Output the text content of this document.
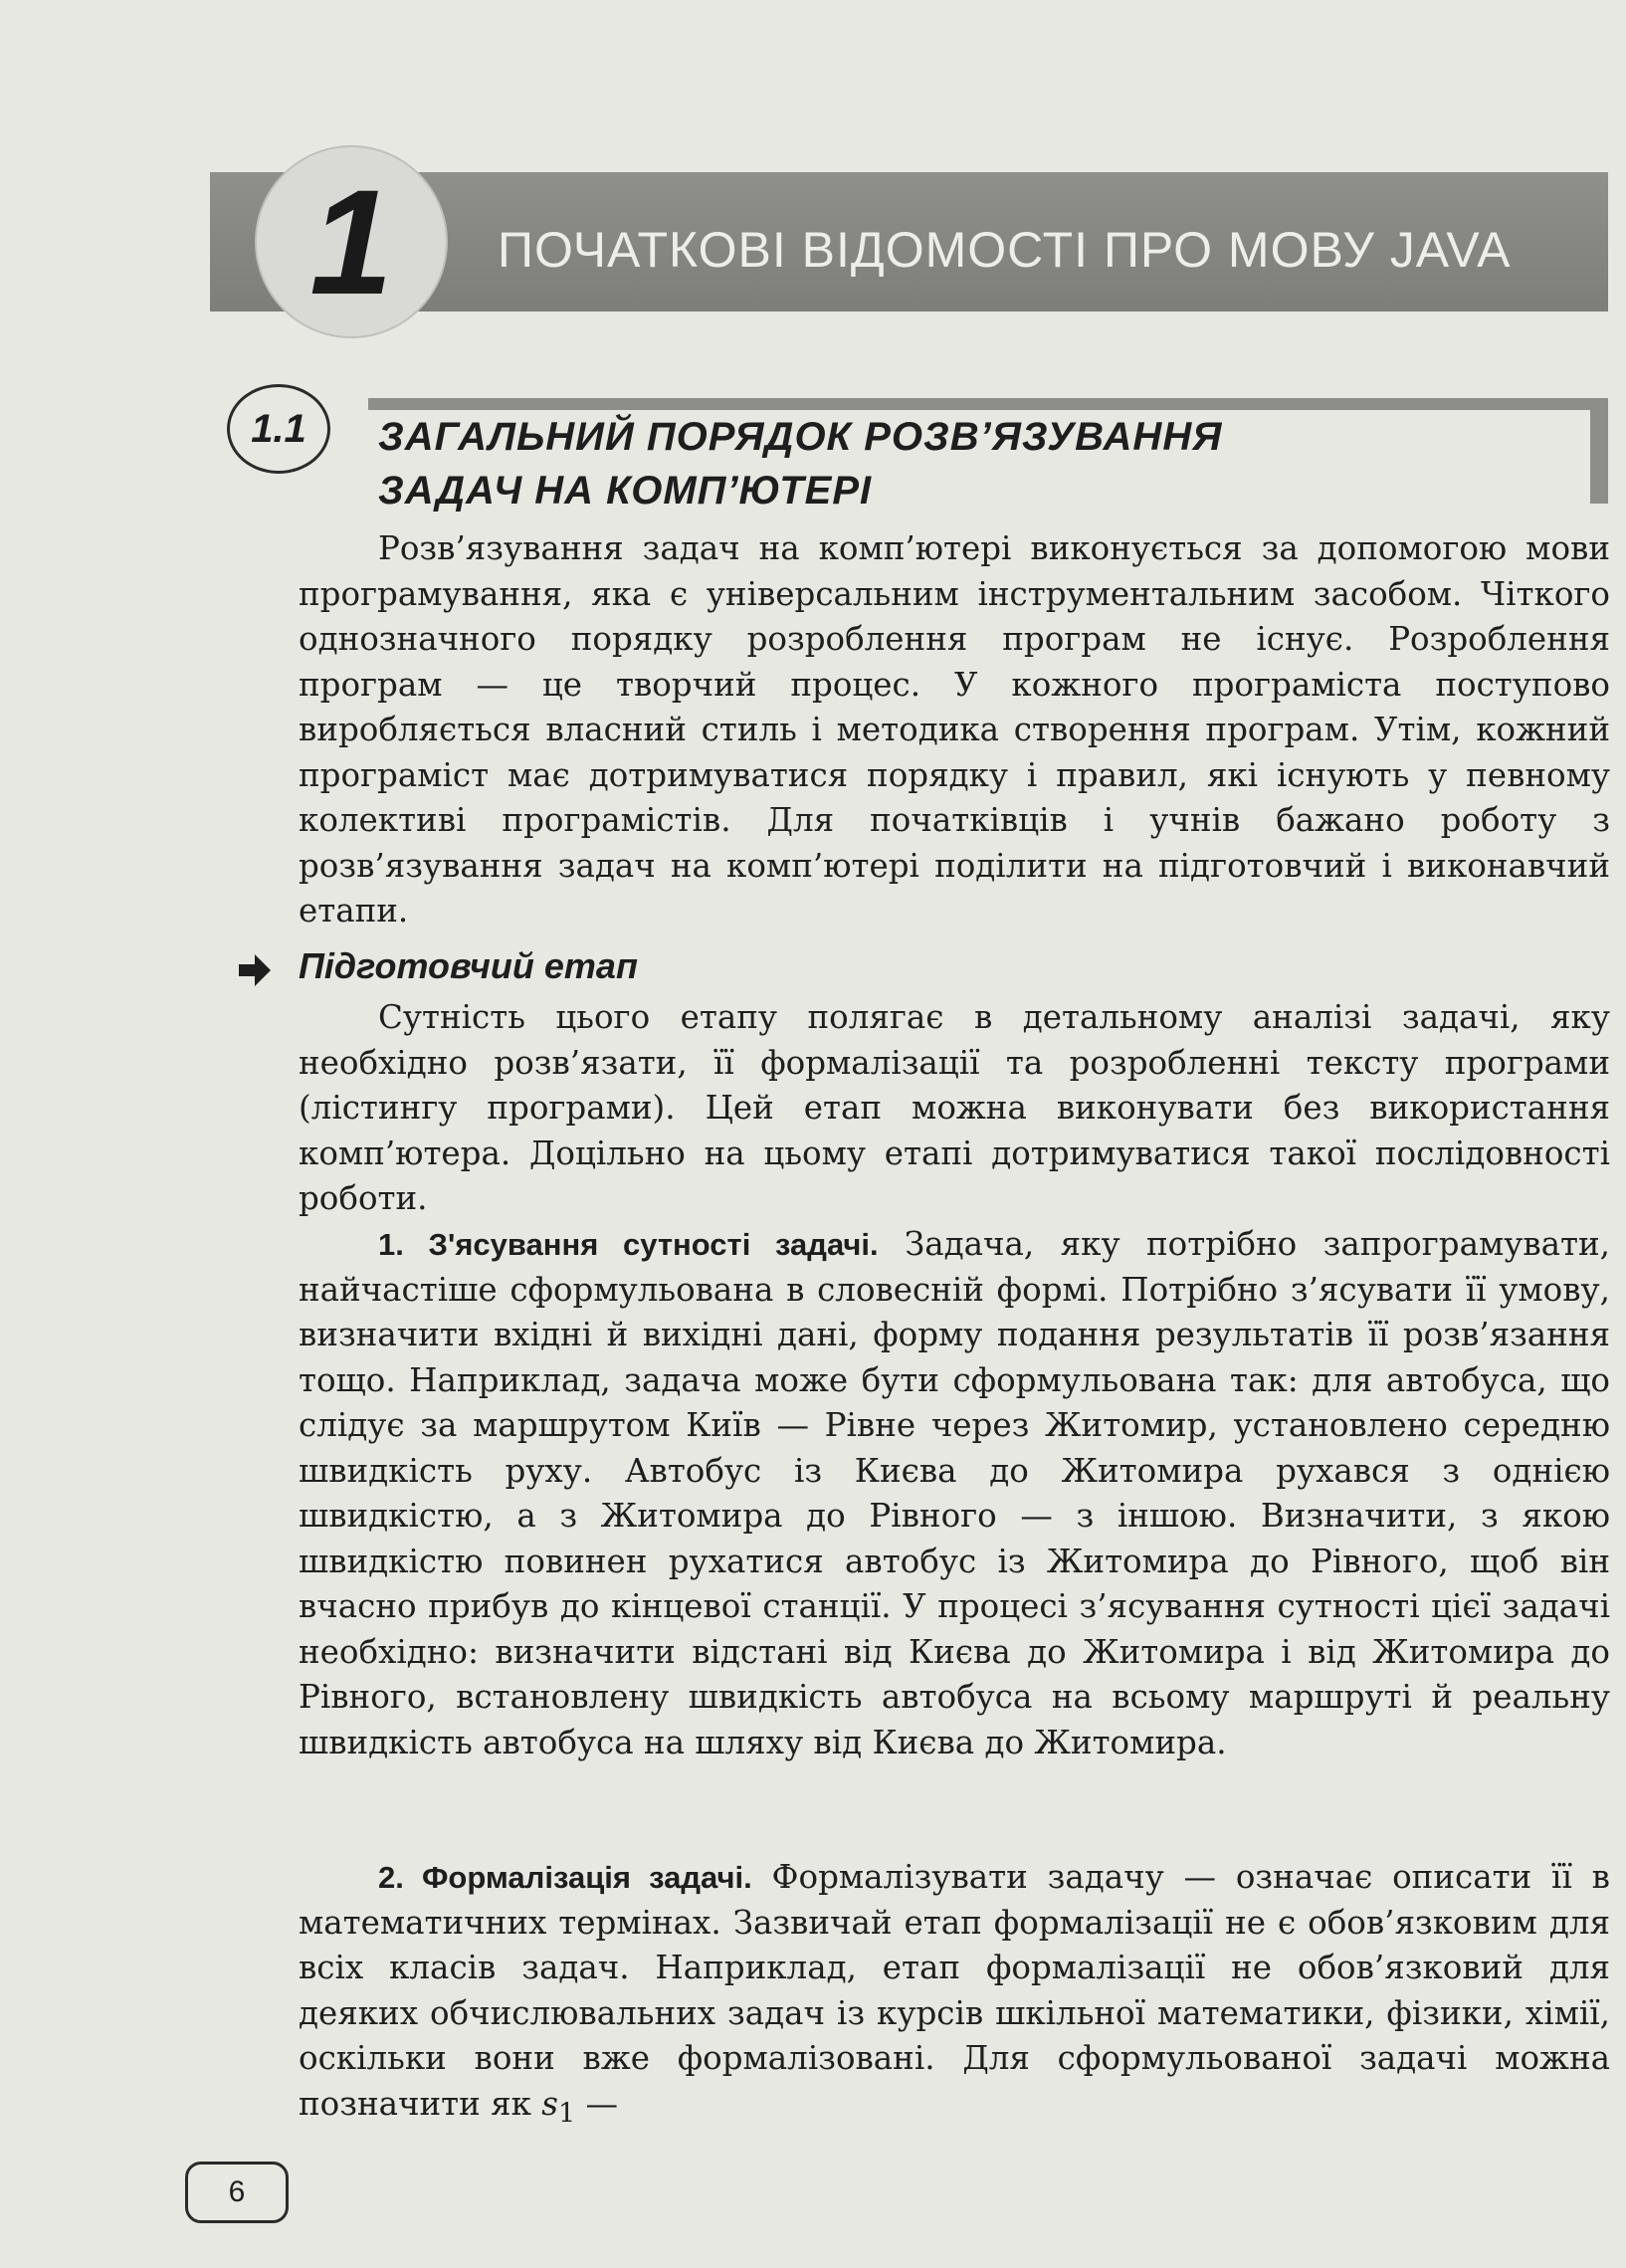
1 ПОЧАТКОВІ ВІДОМОСТІ ПРО МОВУ JAVA
1.1 ЗАГАЛЬНИЙ ПОРЯДОК РОЗВ’ЯЗУВАННЯ
ЗАДАЧ НА КОМП’ЮТЕРІ

Розв’язування задач на комп’ютері виконується за допомогою мови програмування, яка є універсальним інструментальним засобом. Чіткого однозначного порядку розроблення програм не існує. Розроблення програм — це творчий процес. У кожного програміста поступово виробляється власний стиль і методика створення програм. Утім, кожний програміст має дотримуватися порядку і правил, які існують у певному колективі програмістів. Для початківців і учнів бажано роботу з розв’язування задач на комп’ютері поділити на підготовчий і виконавчий етапи.

Підготовчий етап

Сутність цього етапу полягає в детальному аналізі задачі, яку необхідно розв’язати, її формалізації та розробленні тексту програми (лістингу програми). Цей етап можна виконувати без використання комп’ютера. Доцільно на цьому етапі дотримуватися такої послідовності роботи.

1. З'ясування сутності задачі. Задача, яку потрібно запрограмувати, найчастіше сформульована в словесній формі. Потрібно з’ясувати її умову, визначити вхідні й вихідні дані, форму подання результатів її розв’язання тощо. Наприклад, задача може бути сформульована так: для автобуса, що слідує за маршрутом Київ — Рівне через Житомир, установлено середню швидкість руху. Автобус із Києва до Житомира рухався з однією швидкістю, а з Житомира до Рівного — з іншою. Визначити, з якою швидкістю повинен рухатися автобус із Житомира до Рівного, щоб він вчасно прибув до кінцевої станції. У процесі з’ясування сутності цієї задачі необхідно: визначити відстані від Києва до Житомира і від Житомира до Рівного, встановлену швидкість автобуса на всьому маршруті й реальну швидкість автобуса на шляху від Києва до Житомира.

2. Формалізація задачі. Формалізувати задачу — означає описати її в математичних термінах. Зазвичай етап формалізації не є обов’язковим для всіх класів задач. Наприклад, етап формалізації не обов’язковий для деяких обчислювальних задач із курсів шкільної математики, фізики, хімії, оскільки вони вже формалізовані. Для сформульованої задачі можна позначити як $s_1$ —

6
